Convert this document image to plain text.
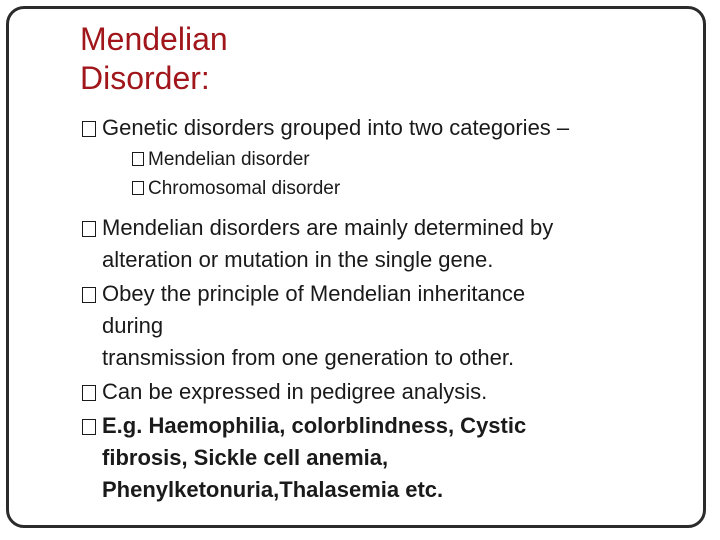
Mendelian
Disorder:
Genetic disorders grouped into two categories –
Mendelian disorder
Chromosomal disorder
Mendelian disorders are mainly determined by
alteration or mutation in the single gene.
Obey the principle of Mendelian inheritance
during
transmission from one generation to other.
Can be expressed in pedigree analysis.
E.g. Haemophilia, colorblindness, Cystic
fibrosis, Sickle cell anemia,
Phenylketonuria,Thalasemia etc.
